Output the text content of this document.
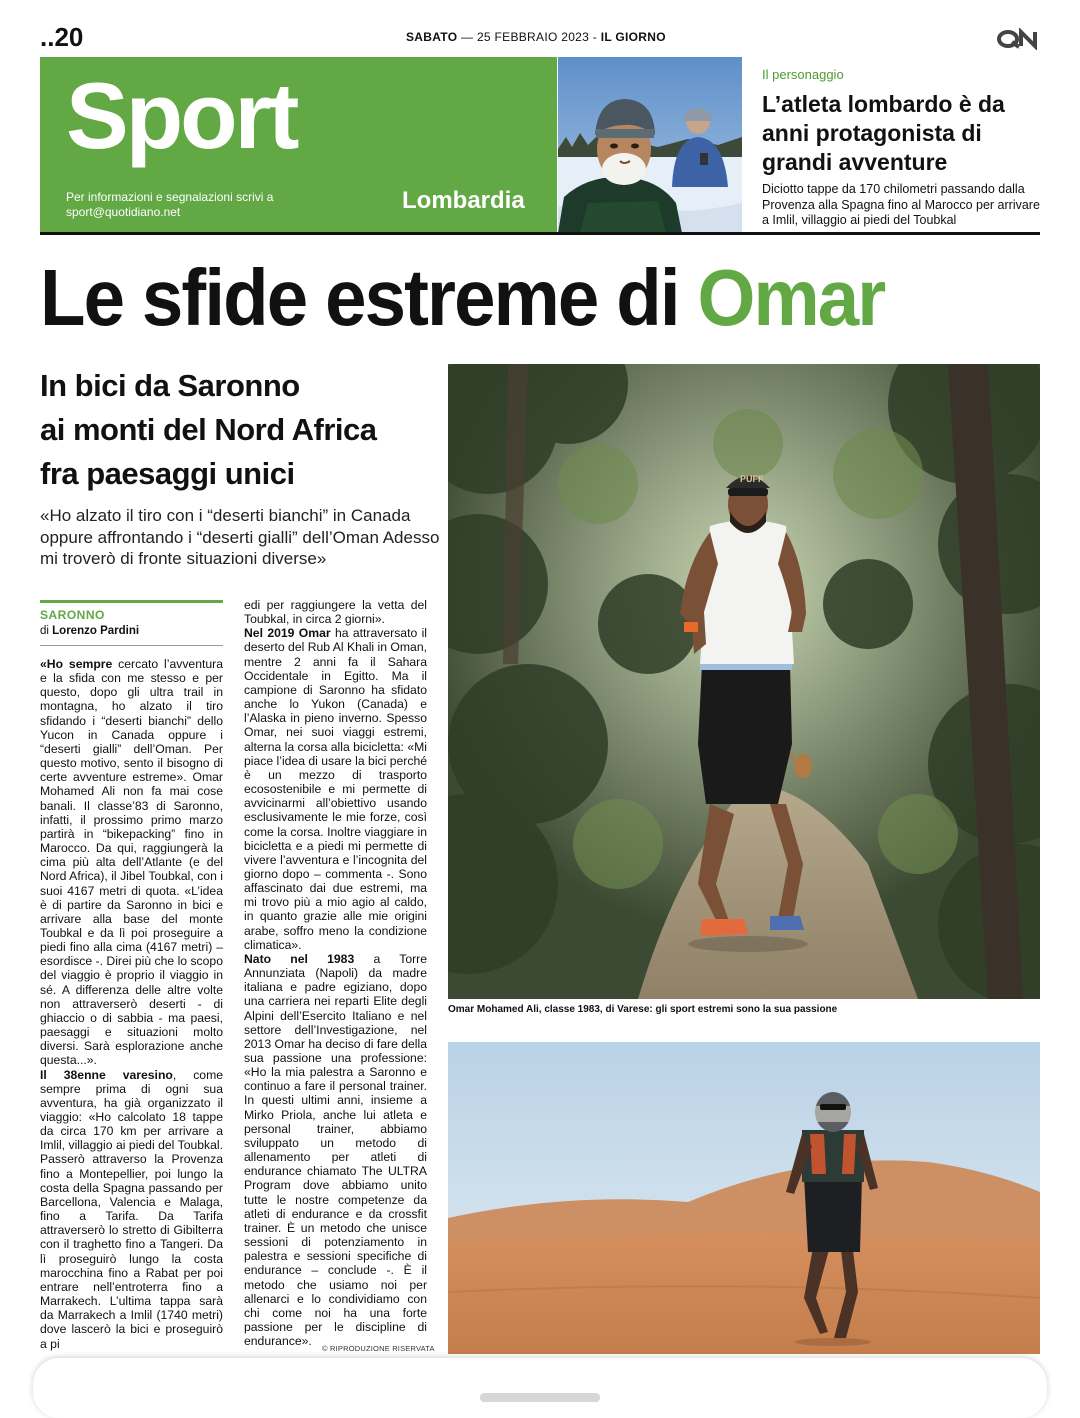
..20	SABATO — 25 FEBBRAIO 2023 - IL GIORNO
QN
Sport
Per informazioni e segnalazioni scrivi a
sport@quotidiano.net	Lombardia
Il personaggio
L’atleta lombardo è da anni protagonista di grandi avventure
Diciotto tappe da 170 chilometri passando dalla Provenza alla Spagna fino al Marocco per arrivare a Imlil, villaggio ai piedi del Toubkal
Le sfide estreme di Omar
In bici da Saronno
ai monti del Nord Africa
fra paesaggi unici
«Ho alzato il tiro con i “deserti bianchi” in Canada oppure affrontando i “deserti gialli” dell’Oman Adesso mi troverò di fronte situazioni diverse»
SARONNO
di Lorenzo Pardini

«Ho sempre cercato l’avventura e la sfida con me stesso e per questo, dopo gli ultra trail in montagna, ho alzato il tiro sfidando i “deserti bianchi” dello Yucon in Canada oppure i “deserti gialli” dell’Oman. Per questo motivo, sento il bisogno di certe avventure estreme». Omar Mohamed Ali non fa mai cose banali. Il classe’83 di Saronno, infatti, il prossimo primo marzo partirà in “bikepacking” fino in Marocco. Da qui, raggiungerà la cima più alta dell’Atlante (e del Nord Africa), il Jibel Toubkal, con i suoi 4167 metri di quota. «L’idea è di partire da Saronno in bici e arrivare alla base del monte Toubkal e da lì poi proseguire a piedi fino alla cima (4167 metri) – esordisce -. Direi più che lo scopo del viaggio è proprio il viaggio in sé. A differenza delle altre volte non attraverserò deserti - di ghiaccio o di sabbia - ma paesi, paesaggi e situazioni molto diversi. Sarà esplorazione anche questa...».

Il 38enne varesino, come sempre prima di ogni sua avventura, ha già organizzato il viaggio: «Ho calcolato 18 tappe da circa 170 km per arrivare a Imlil, villaggio ai piedi del Toubkal. Passerò attraverso la Provenza fino a Montepellier, poi lungo la costa della Spagna passando per Barcellona, Valencia e Malaga, fino a Tarifa. Da Tarifa attraverserò lo stretto di Gibilterra con il traghetto fino a Tangeri. Da lì proseguirò lungo la costa marocchina fino a Rabat per poi entrare nell’entroterra fino a Marrakech. L’ultima tappa sarà da Marrakech a Imlil (1740 metri) dove lascerò la bici e proseguirò a pi

edi per raggiungere la vetta del Toubkal, in circa 2 giorni».

Nel 2019 Omar ha attraversato il deserto del Rub Al Khali in Oman, mentre 2 anni fa il Sahara Occidentale in Egitto. Ma il campione di Saronno ha sfidato anche lo Yukon (Canada) e l’Alaska in pieno inverno. Spesso Omar, nei suoi viaggi estremi, alterna la corsa alla bicicletta: «Mi piace l’idea di usare la bici perché è un mezzo di trasporto ecosostenibile e mi permette di avvicinarmi all’obiettivo usando esclusivamente le mie forze, così come la corsa. Inoltre viaggiare in bicicletta e a piedi mi permette di vivere l’avventura e l’incognita del giorno dopo – commenta -. Sono affascinato dai due estremi, ma mi trovo più a mio agio al caldo, in quanto grazie alle mie origini arabe, soffro meno la condizione climatica».

Nato nel 1983 a Torre Annunziata (Napoli) da madre italiana e padre egiziano, dopo una carriera nei reparti Elite degli Alpini dell’Esercito Italiano e nel settore dell’Investigazione, nel 2013 Omar ha deciso di fare della sua passione una professione: «Ho la mia palestra a Saronno e continuo a fare il personal trainer. In questi ultimi anni, insieme a Mirko Priola, anche lui atleta e personal trainer, abbiamo sviluppato un metodo di allenamento per atleti di endurance chiamato The ULTRA Program dove abbiamo unito tutte le nostre competenze da atleti di endurance e da crossfit trainer. È un metodo che unisce sessioni di potenziamento in palestra e sessioni specifiche di endurance – conclude -. È il metodo che usiamo noi per allenarci e lo condividiamo con chi come noi ha una forte passione per le discipline di endurance».

© RIPRODUZIONE RISERVATA
PUFF
Omar Mohamed Ali, classe 1983, di Varese: gli sport estremi sono la sua passione
